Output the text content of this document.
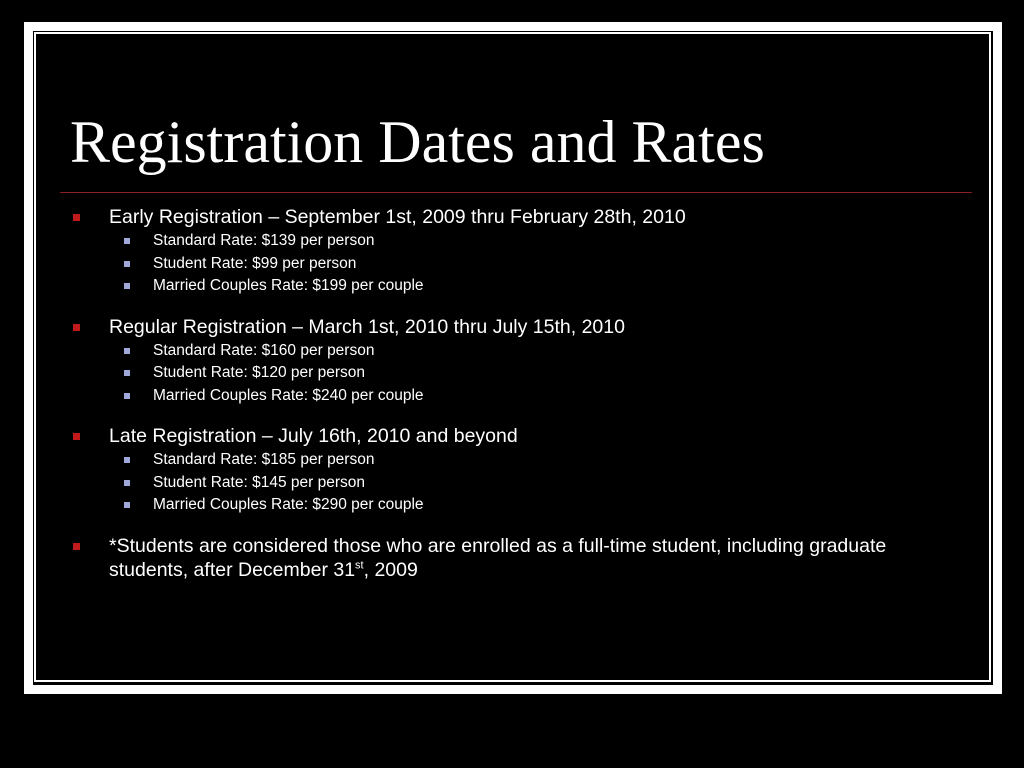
Registration Dates and Rates
Early Registration – September 1st, 2009 thru February 28th, 2010
Standard Rate: $139 per person
Student Rate: $99 per person
Married Couples Rate: $199 per couple
Regular Registration – March 1st, 2010 thru July 15th, 2010
Standard Rate: $160 per person
Student Rate: $120 per person
Married Couples Rate: $240 per couple
Late Registration – July 16th, 2010 and beyond
Standard Rate: $185 per person
Student Rate: $145 per person
Married Couples Rate: $290 per couple
*Students are considered those who are enrolled as a full-time student, including graduate students, after December 31st, 2009
